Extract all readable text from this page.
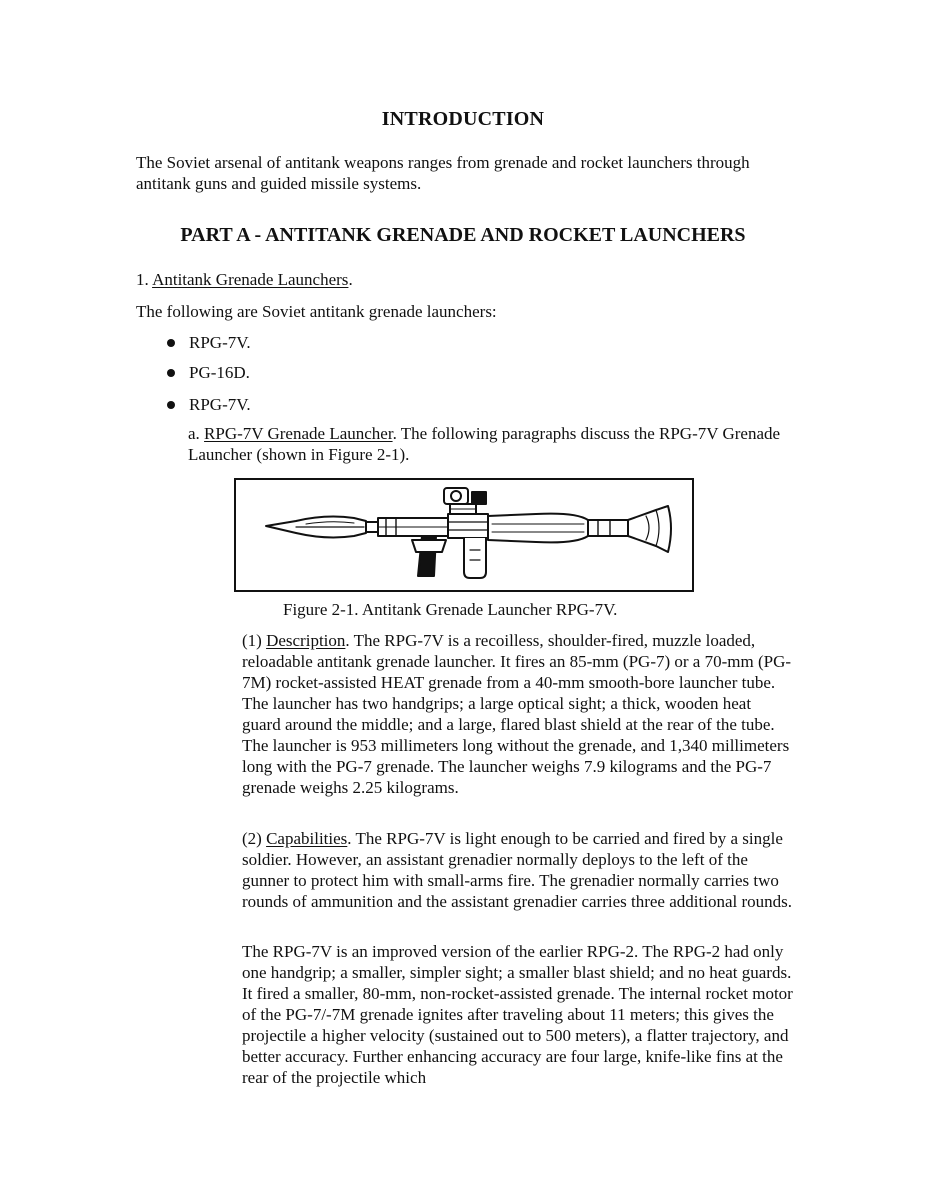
INTRODUCTION

The Soviet arsenal of antitank weapons ranges from grenade and rocket launchers through antitank guns and guided missile systems.

PART A - ANTITANK GRENADE AND ROCKET LAUNCHERS

1. Antitank Grenade Launchers.

The following are Soviet antitank grenade launchers:

RPG-7V.
PG-16D.
RPG-7V.

a. RPG-7V Grenade Launcher. The following paragraphs discuss the RPG-7V Grenade Launcher (shown in Figure 2-1).

Figure 2-1. Antitank Grenade Launcher RPG-7V.

(1) Description. The RPG-7V is a recoilless, shoulder-fired, muzzle loaded, reloadable antitank grenade launcher. It fires an 85-mm (PG-7) or a 70-mm (PG-7M) rocket-assisted HEAT grenade from a 40-mm smooth-bore launcher tube. The launcher has two handgrips; a large optical sight; a thick, wooden heat guard around the middle; and a large, flared blast shield at the rear of the tube. The launcher is 953 millimeters long without the grenade, and 1,340 millimeters long with the PG-7 grenade. The launcher weighs 7.9 kilograms and the PG-7 grenade weighs 2.25 kilograms.

(2) Capabilities. The RPG-7V is light enough to be carried and fired by a single soldier. However, an assistant grenadier normally deploys to the left of the gunner to protect him with small-arms fire. The grenadier normally carries two rounds of ammunition and the assistant grenadier carries three additional rounds.

The RPG-7V is an improved version of the earlier RPG-2. The RPG-2 had only one handgrip; a smaller, simpler sight; a smaller blast shield; and no heat guards. It fired a smaller, 80-mm, non-rocket-assisted grenade. The internal rocket motor of the PG-7/-7M grenade ignites after traveling about 11 meters; this gives the projectile a higher velocity (sustained out to 500 meters), a flatter trajectory, and better accuracy. Further enhancing accuracy are four large, knife-like fins at the rear of the projectile which
